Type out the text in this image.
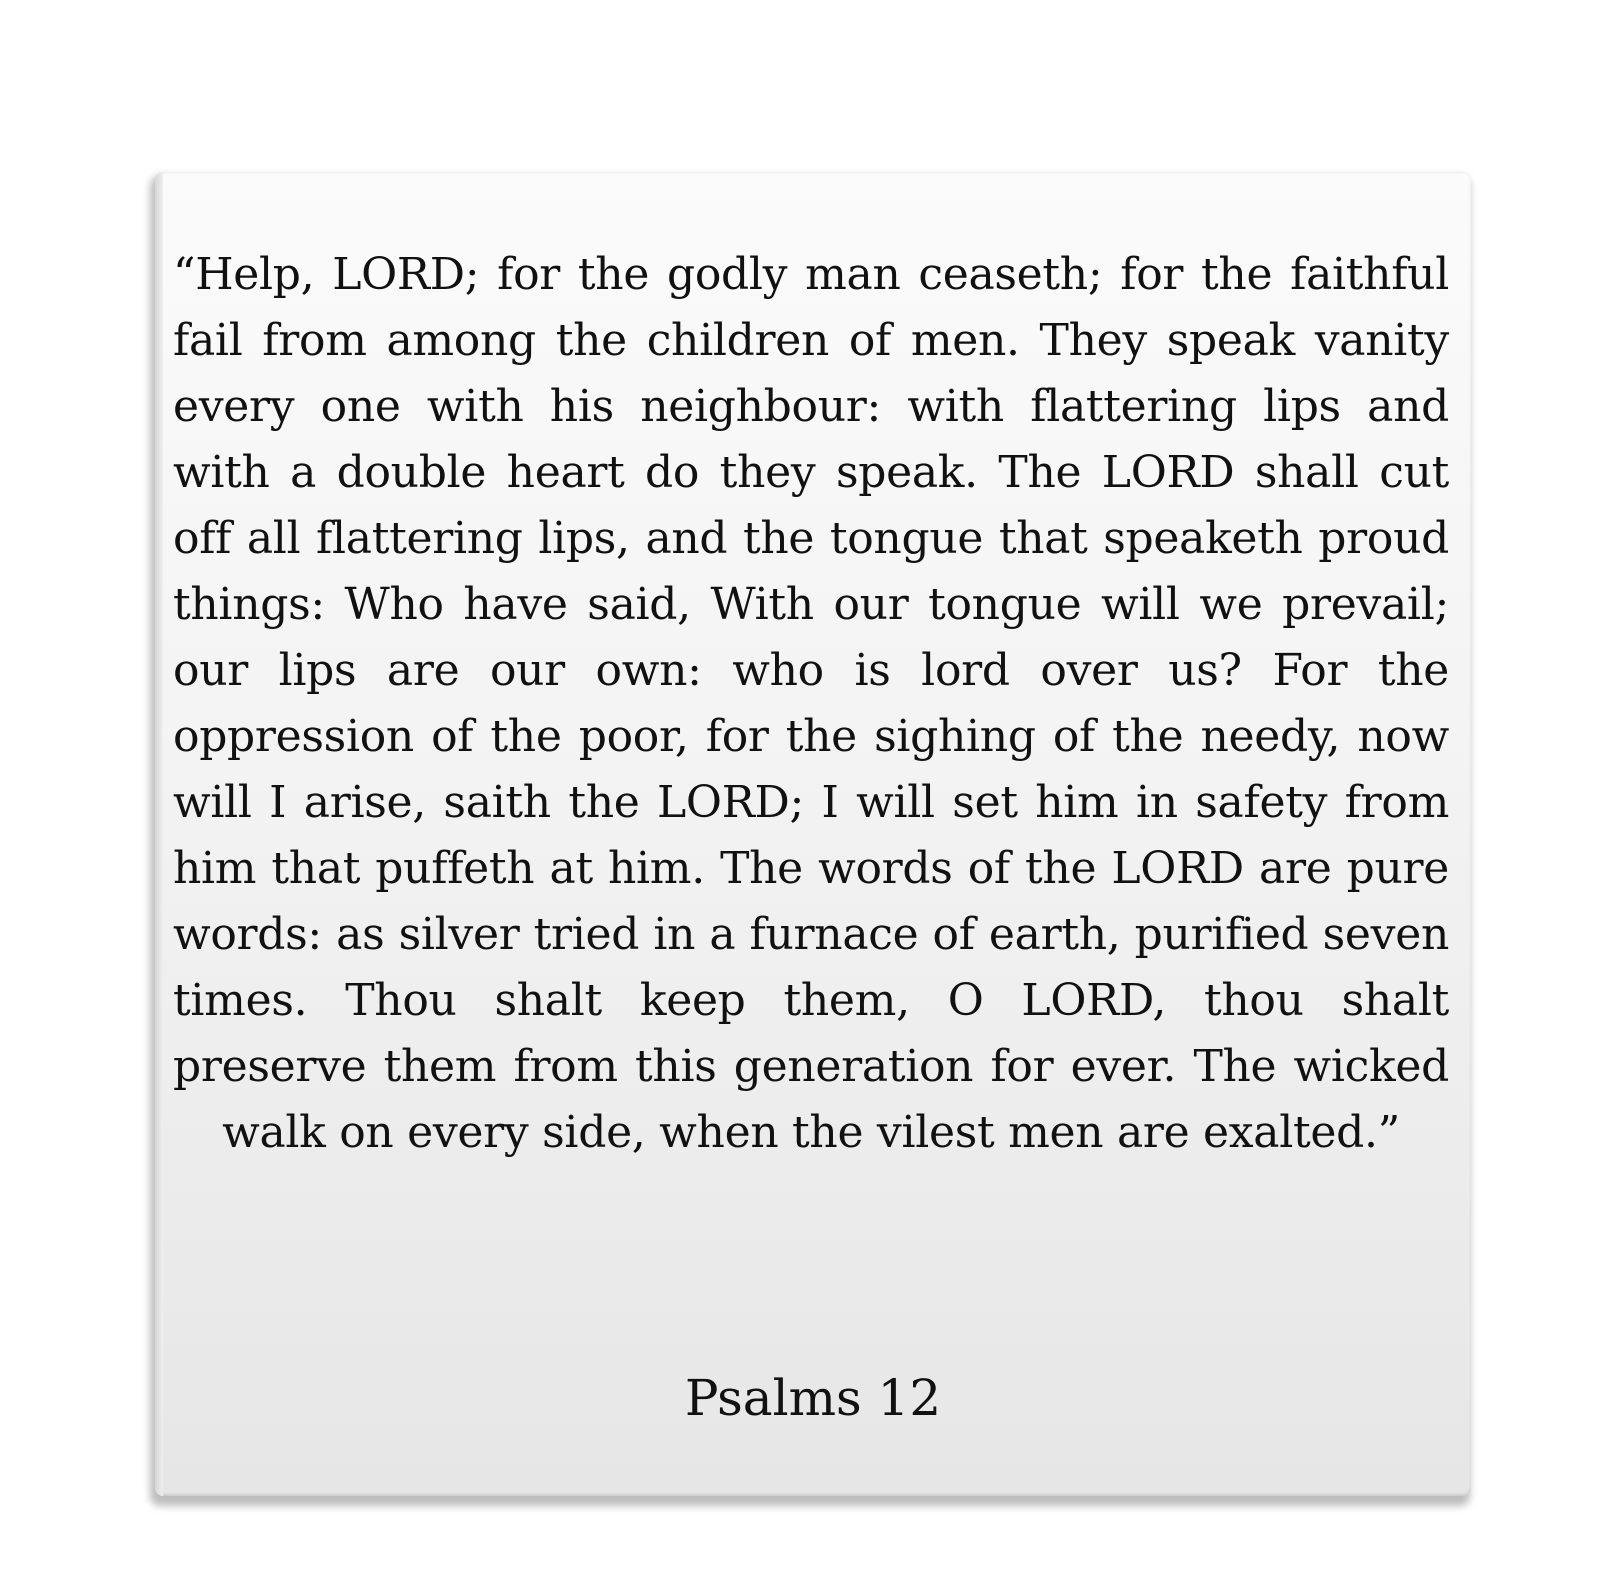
“Help, LORD; for the godly man ceaseth; for the faithful fail from among the children of men. They speak vanity every one with his neighbour: with flattering lips and with a double heart do they speak. The LORD shall cut off all flattering lips, and the tongue that speaketh proud things: Who have said, With our tongue will we prevail; our lips are our own: who is lord over us? For the oppression of the poor, for the sighing of the needy, now will I arise, saith the LORD; I will set him in safety from him that puffeth at him. The words of the LORD are pure words: as silver tried in a furnace of earth, purified seven times. Thou shalt keep them, O LORD, thou shalt preserve them from this generation for ever. The wicked walk on every side, when the vilest men are exalted.”

Psalms 12
